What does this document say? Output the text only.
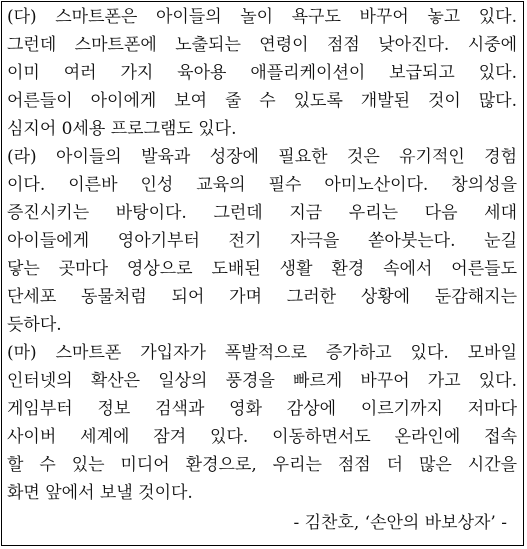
(다) 스마트폰은 아이들의 놀이 욕구도 바꾸어 놓고 있다.
그런데 스마트폰에 노출되는 연령이 점점 낮아진다. 시중에
이미 여러 가지 육아용 애플리케이션이 보급되고 있다.
어른들이 아이에게 보여 줄 수 있도록 개발된 것이 많다.
심지어 0세용 프로그램도 있다.
(라) 아이들의 발육과 성장에 필요한 것은 유기적인 경험
이다. 이른바 인성 교육의 필수 아미노산이다. 창의성을
증진시키는 바탕이다. 그런데 지금 우리는 다음 세대
아이들에게 영아기부터 전기 자극을 쏟아붓는다. 눈길
닿는 곳마다 영상으로 도배된 생활 환경 속에서 어른들도
단세포 동물처럼 되어 가며 그러한 상황에 둔감해지는
듯하다.
(마) 스마트폰 가입자가 폭발적으로 증가하고 있다. 모바일
인터넷의 확산은 일상의 풍경을 빠르게 바꾸어 가고 있다.
게임부터 정보 검색과 영화 감상에 이르기까지 저마다
사이버 세계에 잠겨 있다. 이동하면서도 온라인에 접속
할 수 있는 미디어 환경으로, 우리는 점점 더 많은 시간을
화면 앞에서 보낼 것이다.
- 김찬호, ‘손안의 바보상자’ -
